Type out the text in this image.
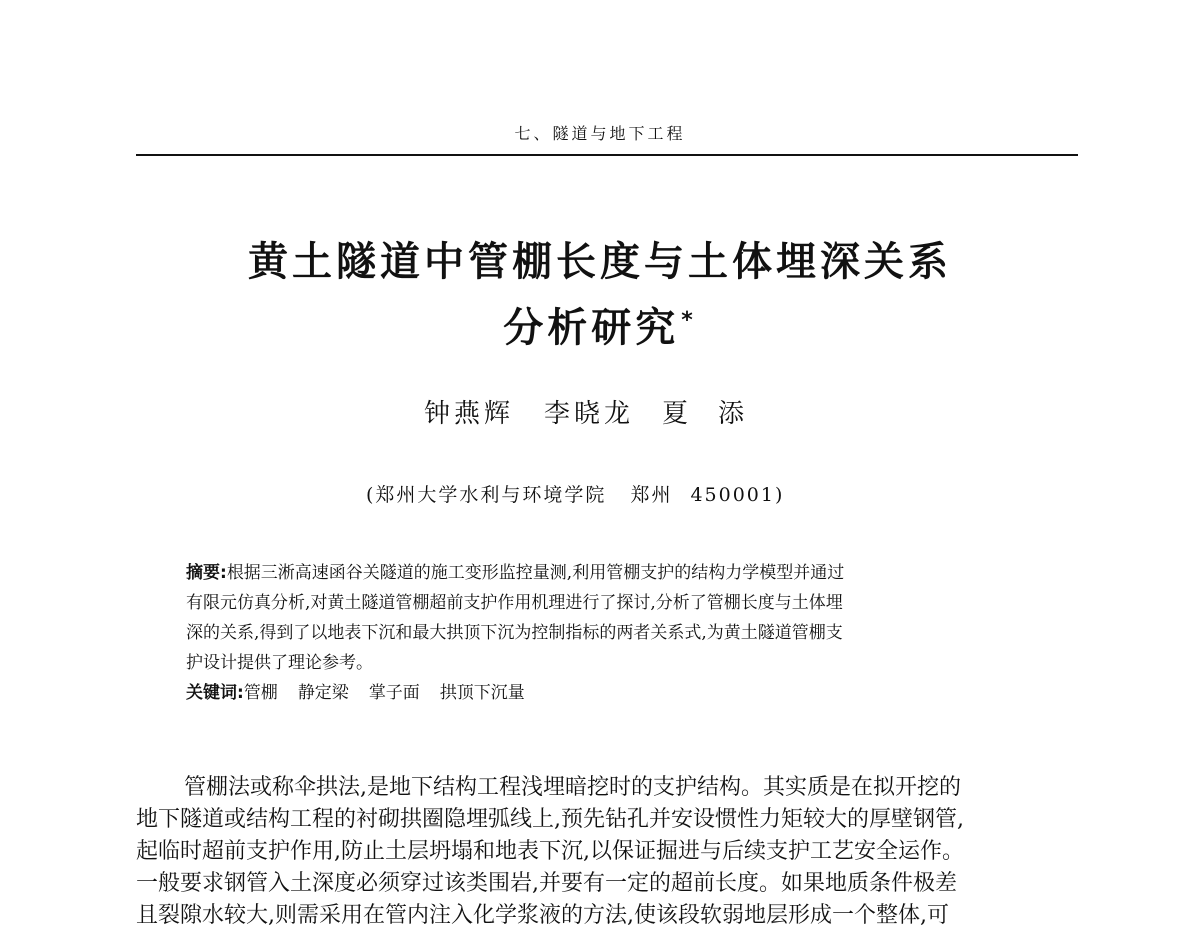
七、隧道与地下工程
黄土隧道中管棚长度与土体埋深关系
分析研究*
钟燕辉 李晓龙 夏添
(郑州大学水利与环境学院 郑州 450001)
摘要:根据三淅高速函谷关隧道的施工变形监控量测,利用管棚支护的结构力学模型并通过
有限元仿真分析,对黄土隧道管棚超前支护作用机理进行了探讨,分析了管棚长度与土体埋
深的关系,得到了以地表下沉和最大拱顶下沉为控制指标的两者关系式,为黄土隧道管棚支
护设计提供了理论参考。
关键词:管棚 静定梁 掌子面 拱顶下沉量
管棚法或称伞拱法,是地下结构工程浅埋暗挖时的支护结构。其实质是在拟开挖的
地下隧道或结构工程的衬砌拱圈隐埋弧线上,预先钻孔并安设惯性力矩较大的厚壁钢管,
起临时超前支护作用,防止土层坍塌和地表下沉,以保证掘进与后续支护工艺安全运作。
一般要求钢管入土深度必须穿过该类围岩,并要有一定的超前长度。如果地质条件极差
且裂隙水较大,则需采用在管内注入化学浆液的方法,使该段软弱地层形成一个整体,可
